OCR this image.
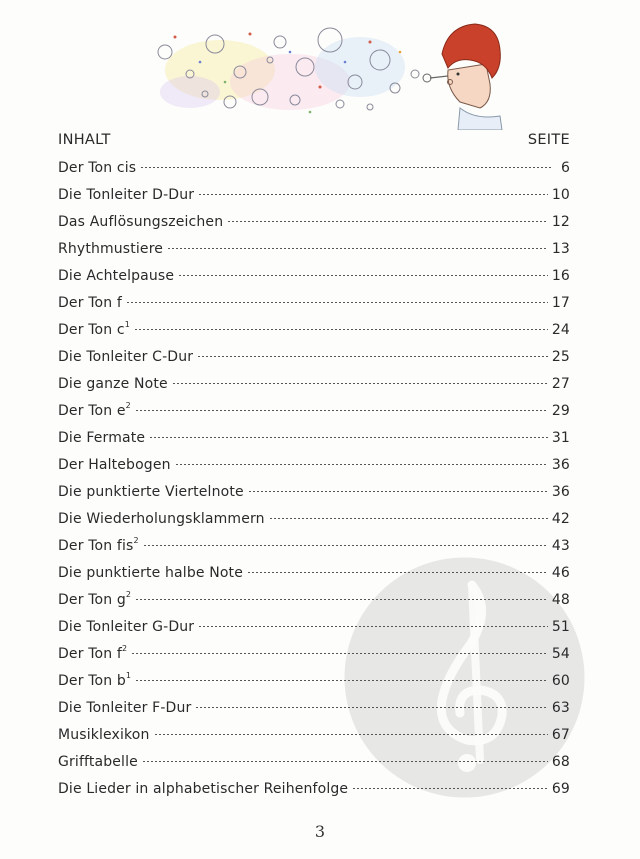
INHALT	SEITE
Der Ton cis	6
Die Tonleiter D-Dur	10
Das Auflösungszeichen	12
Rhythmustiere	13
Die Achtelpause	16
Der Ton f	17
Der Ton $c^1$	24
Die Tonleiter C-Dur	25
Die ganze Note	27
Der Ton $e^2$	29
Die Fermate	31
Der Haltebogen	36
Die punktierte Viertelnote	36
Die Wiederholungsklammern	42
Der Ton fis$^2$	43
Die punktierte halbe Note	46
Der Ton $g^2$	48
Die Tonleiter G-Dur	51
Der Ton $f^2$	54
Der Ton $b^1$	60
Die Tonleiter F-Dur	63
Musiklexikon	67
Grifftabelle	68
Die Lieder in alphabetischer Reihenfolge	69
3
